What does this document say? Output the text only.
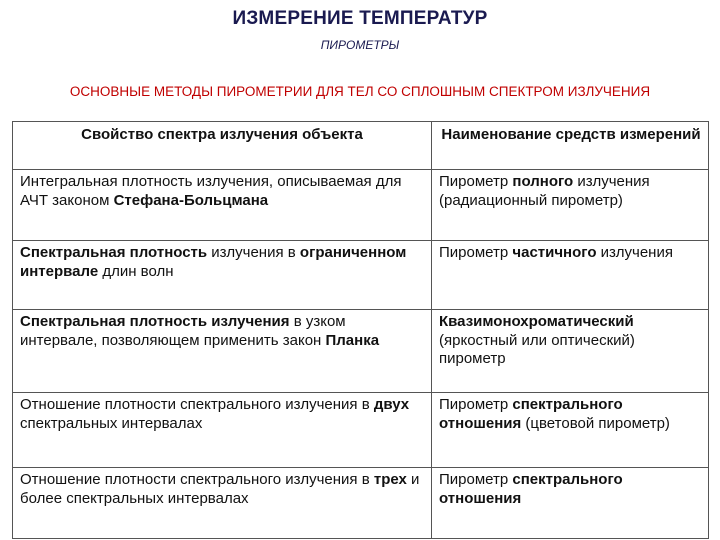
ИЗМЕРЕНИЕ ТЕМПЕРАТУР
ПИРОМЕТРЫ
ОСНОВНЫЕ МЕТОДЫ ПИРОМЕТРИИ ДЛЯ ТЕЛ СО СПЛОШНЫМ СПЕКТРОМ ИЗЛУЧЕНИЯ
Свойство спектра излучения объекта	Наименование средств измерений
Интегральная плотность излучения, описываемая для АЧТ законом Стефана-Больцмана	Пирометр полного излучения (радиационный пирометр)
Спектральная плотность излучения в ограниченном интервале длин волн	Пирометр частичного излучения
Спектральная плотность излучения в узком интервале, позволяющем применить закон Планка	Квазимонохроматический (яркостный или оптический) пирометр
Отношение плотности спектрального излучения в двух спектральных интервалах	Пирометр спектрального отношения (цветовой пирометр)
Отношение плотности спектрального излучения в трех и более спектральных интервалах	Пирометр спектрального отношения
